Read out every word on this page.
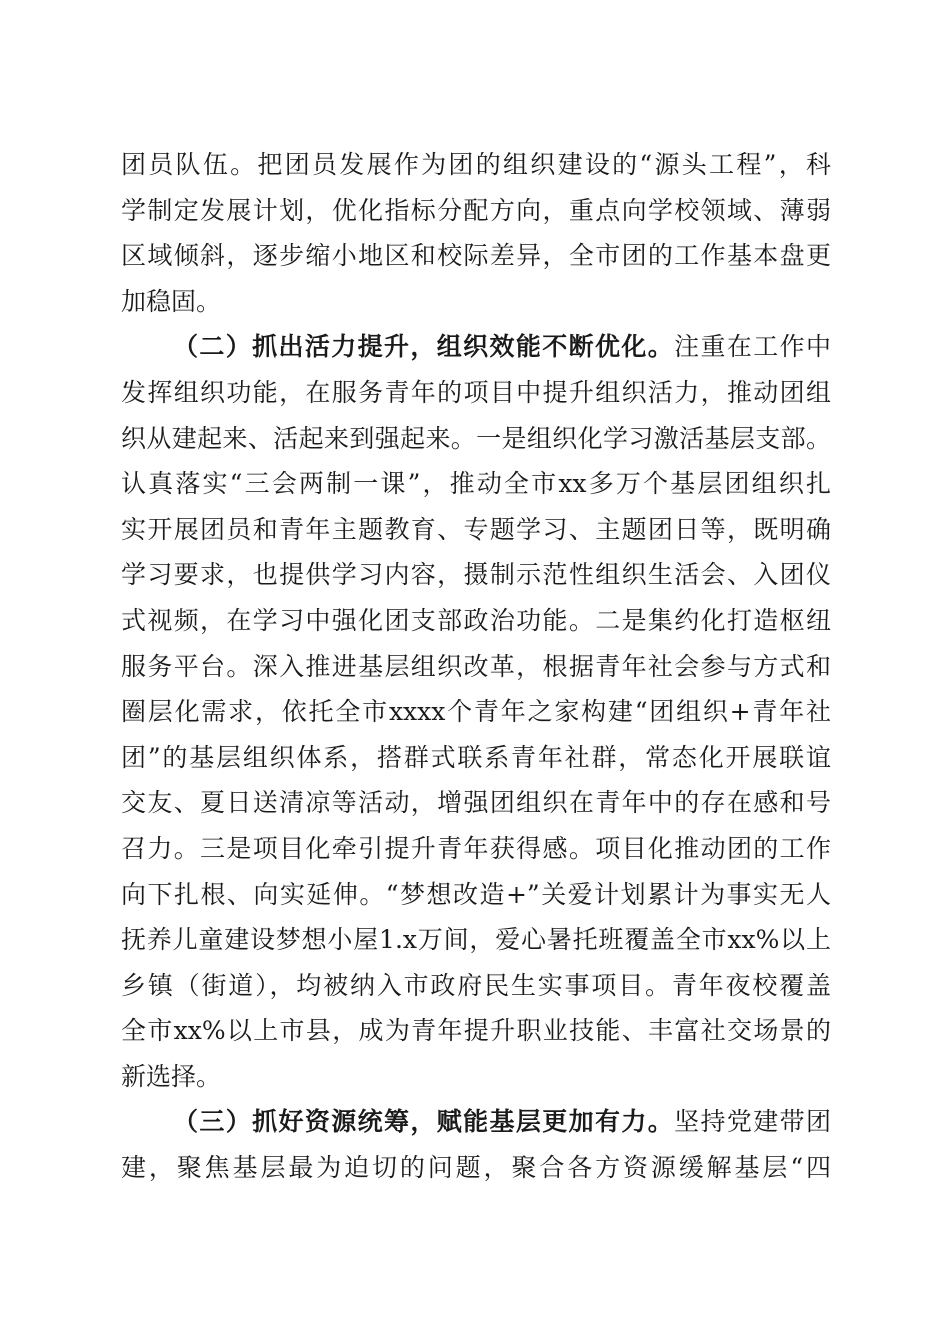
团员队伍。把团员发展作为团的组织建设的“源头工程”，科
学制定发展计划，优化指标分配方向，重点向学校领域、薄弱
区域倾斜，逐步缩小地区和校际差异，全市团的工作基本盘更
加稳固。
（二）抓出活力提升，组织效能不断优化。注重在工作中
发挥组织功能，在服务青年的项目中提升组织活力，推动团组
织从建起来、活起来到强起来。一是组织化学习激活基层支部。
认真落实“三会两制一课”，推动全市xx多万个基层团组织扎
实开展团员和青年主题教育、专题学习、主题团日等，既明确
学习要求，也提供学习内容，摄制示范性组织生活会、入团仪
式视频，在学习中强化团支部政治功能。二是集约化打造枢纽
服务平台。深入推进基层组织改革，根据青年社会参与方式和
圈层化需求，依托全市xxxx个青年之家构建“团组织+青年社
团”的基层组织体系，搭群式联系青年社群，常态化开展联谊
交友、夏日送清凉等活动，增强团组织在青年中的存在感和号
召力。三是项目化牵引提升青年获得感。项目化推动团的工作
向下扎根、向实延伸。“梦想改造+”关爱计划累计为事实无人
抚养儿童建设梦想小屋1.x万间，爱心暑托班覆盖全市xx%以上
乡镇（街道），均被纳入市政府民生实事项目。青年夜校覆盖
全市xx%以上市县，成为青年提升职业技能、丰富社交场景的
新选择。
（三）抓好资源统筹，赋能基层更加有力。坚持党建带团
建，聚焦基层最为迫切的问题，聚合各方资源缓解基层“四
